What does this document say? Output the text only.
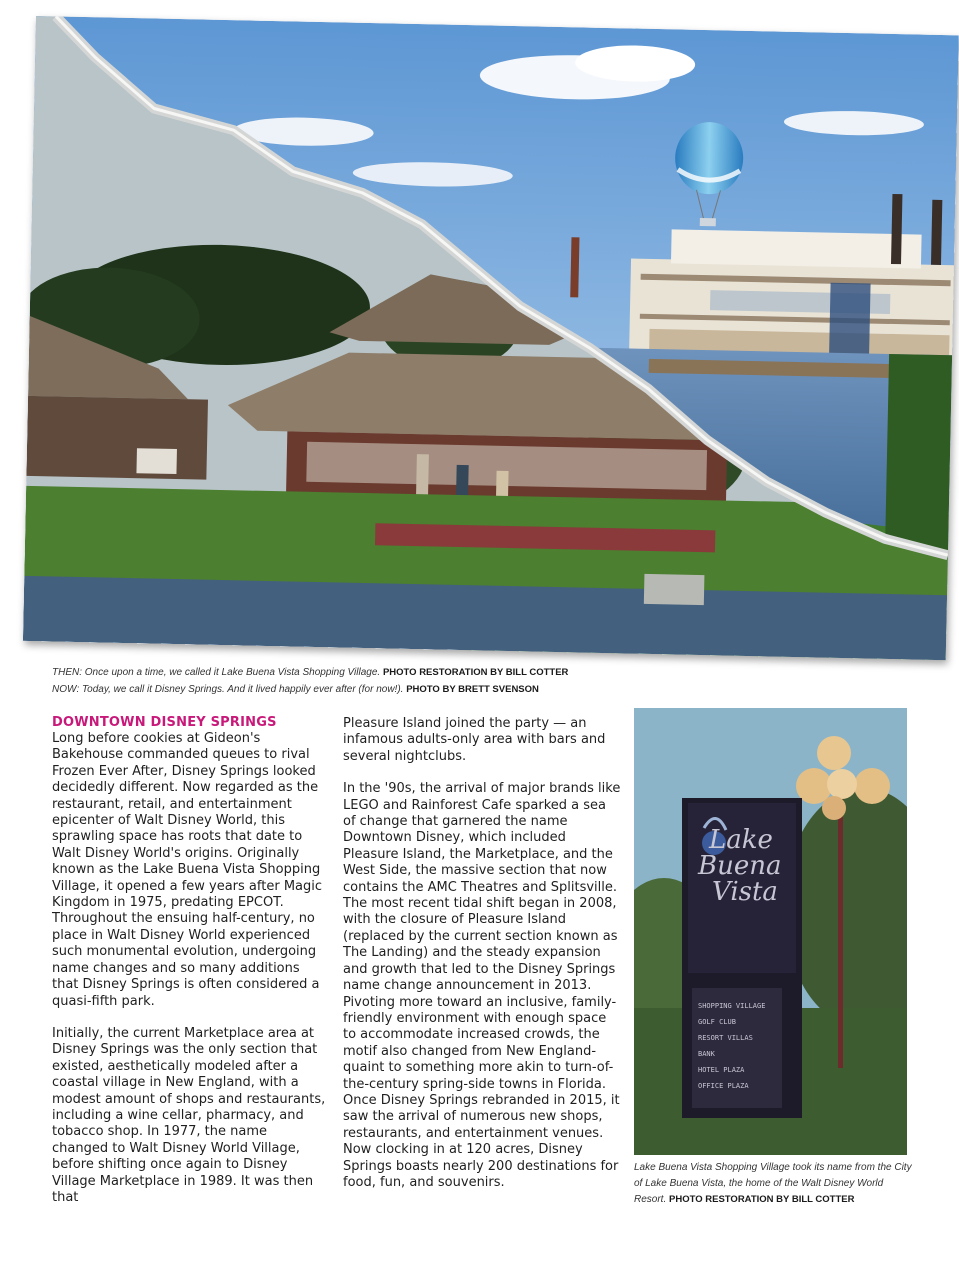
THEN: Once upon a time, we called it Lake Buena Vista Shopping Village. PHOTO RESTORATION BY BILL COTTER
NOW: Today, we call it Disney Springs. And it lived happily ever after (for now!). PHOTO BY BRETT SVENSON
DOWNTOWN DISNEY SPRINGS

Long before cookies at Gideon's Bakehouse commanded queues to rival Frozen Ever After, Disney Springs looked decidedly different. Now regarded as the restaurant, retail, and entertainment epicenter of Walt Disney World, this sprawling space has roots that date to Walt Disney World's origins. Originally known as the Lake Buena Vista Shopping Village, it opened a few years after Magic Kingdom in 1975, predating EPCOT. Throughout the ensuing half-century, no place in Walt Disney World experienced such monumental evolution, undergoing name changes and so many additions that Disney Springs is often considered a quasi-fifth park.

Initially, the current Marketplace area at Disney Springs was the only section that existed, aesthetically modeled after a coastal village in New England, with a modest amount of shops and restaurants, including a wine cellar, pharmacy, and tobacco shop. In 1977, the name changed to Walt Disney World Village, before shifting once again to Disney Village Marketplace in 1989. It was then that

Pleasure Island joined the party — an infamous adults-only area with bars and several nightclubs.

In the '90s, the arrival of major brands like LEGO and Rainforest Cafe sparked a sea of change that garnered the name Downtown Disney, which included Pleasure Island, the Marketplace, and the West Side, the massive section that now contains the AMC Theatres and Splitsville. The most recent tidal shift began in 2008, with the closure of Pleasure Island (replaced by the current section known as The Landing) and the steady expansion and growth that led to the Disney Springs name change announcement in 2013. Pivoting more toward an inclusive, family-friendly environment with enough space to accommodate increased crowds, the motif also changed from New England-quaint to something more akin to turn-of-the-century spring-side towns in Florida. Once Disney Springs rebranded in 2015, it saw the arrival of numerous new shops, restaurants, and entertainment venues. Now clocking in at 120 acres, Disney Springs boasts nearly 200 destinations for food, fun, and souvenirs.

Lake
Buena
Vista
SHOPPING VILLAGE
GOLF CLUB
RESORT VILLAS
BANK
HOTEL PLAZA
OFFICE PLAZA
Lake Buena Vista Shopping Village took its name from the City of Lake Buena Vista, the home of the Walt Disney World Resort. PHOTO RESTORATION BY BILL COTTER
